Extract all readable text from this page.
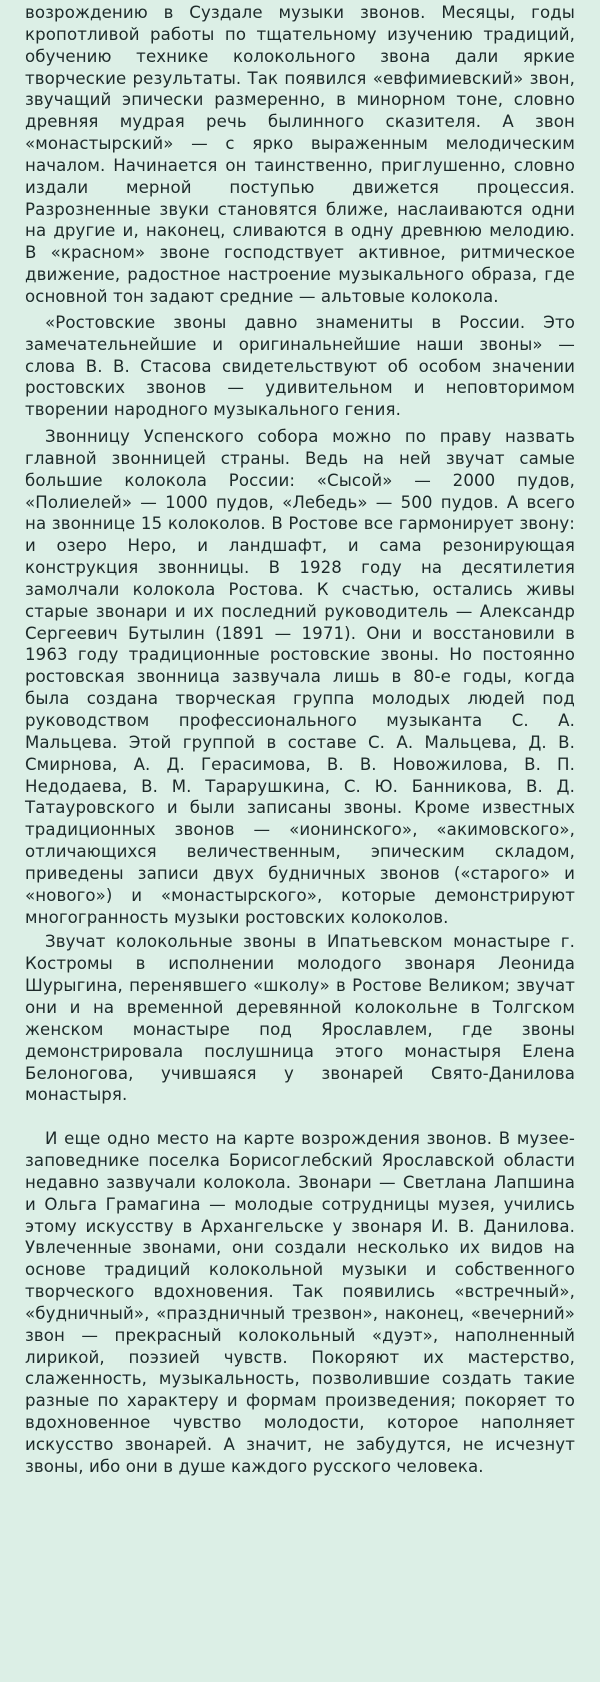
возрождению в Суздале музыки звонов. Месяцы, годы кропотливой работы по тщательному изучению традиций, обучению технике колокольного звона дали яркие творческие результаты. Так появился «евфимиевский» звон, звучащий эпически размеренно, в минорном тоне, словно древняя мудрая речь былинного сказителя. А звон «монастырский» — с ярко выраженным мелодическим началом. Начинается он таинственно, приглушенно, словно издали мерной поступью движется процессия. Разрозненные звуки становятся ближе, наслаиваются одни на другие и, наконец, сливаются в одну древнюю мелодию. В «красном» звоне господствует активное, ритмическое движение, радостное настроение музыкального образа, где основной тон задают средние — альтовые колокола.

«Ростовские звоны давно знамениты в России. Это замечательнейшие и оригинальнейшие наши звоны» — слова В. В. Стасова свидетельствуют об особом значении ростовских звонов — удивительном и неповторимом творении народного музыкального гения.

Звонницу Успенского собора можно по праву назвать главной звонницей страны. Ведь на ней звучат самые большие колокола России: «Сысой» — 2000 пудов, «Полиелей» — 1000 пудов, «Лебедь» — 500 пудов. А всего на звоннице 15 колоколов. В Ростове все гармонирует звону: и озеро Неро, и ландшафт, и сама резонирующая конструкция звонницы. В 1928 году на десятилетия замолчали колокола Ростова. К счастью, остались живы старые звонари и их последний руководитель — Александр Сергеевич Бутылин (1891 — 1971). Они и восстановили в 1963 году традиционные ростовские звоны. Но постоянно ростовская звонница зазвучала лишь в 80-е годы, когда была создана творческая группа молодых людей под руководством профессионального музыканта С. А. Мальцева. Этой группой в составе С. А. Мальцева, Д. В. Смирнова, А. Д. Герасимова, В. В. Новожилова, В. П. Недодаева, В. М. Тарарушкина, С. Ю. Банникова, В. Д. Татауровского и были записаны звоны. Кроме известных традиционных звонов — «ионинского», «акимовского», отличающихся величественным, эпическим складом, приведены записи двух будничных звонов («старого» и «нового») и «монастырского», которые демонстрируют многогранность музыки ростовских колоколов.

Звучат колокольные звоны в Ипатьевском монастыре г. Костромы в исполнении молодого звонаря Леонида Шурыгина, перенявшего «школу» в Ростове Великом; звучат они и на временной деревянной колокольне в Толгском женском монастыре под Ярославлем, где звоны демонстрировала послушница этого монастыря Елена Белоногова, учившаяся у звонарей Свято-Данилова монастыря.

И еще одно место на карте возрождения звонов. В музее-заповеднике поселка Борисоглебский Ярославской области недавно зазвучали колокола. Звонари — Светлана Лапшина и Ольга Грамагина — молодые сотрудницы музея, учились этому искусству в Архангельске у звонаря И. В. Данилова. Увлеченные звонами, они создали несколько их видов на основе традиций колокольной музыки и собственного творческого вдохновения. Так появились «встречный», «будничный», «праздничный трезвон», наконец, «вечерний» звон — прекрасный колокольный «дуэт», наполненный лирикой, поэзией чувств. Покоряют их мастерство, слаженность, музыкальность, позволившие создать такие разные по характеру и формам произведения; покоряет то вдохновенное чувство молодости, которое наполняет искусство звонарей. А значит, не забудутся, не исчезнут звоны, ибо они в душе каждого русского человека.
